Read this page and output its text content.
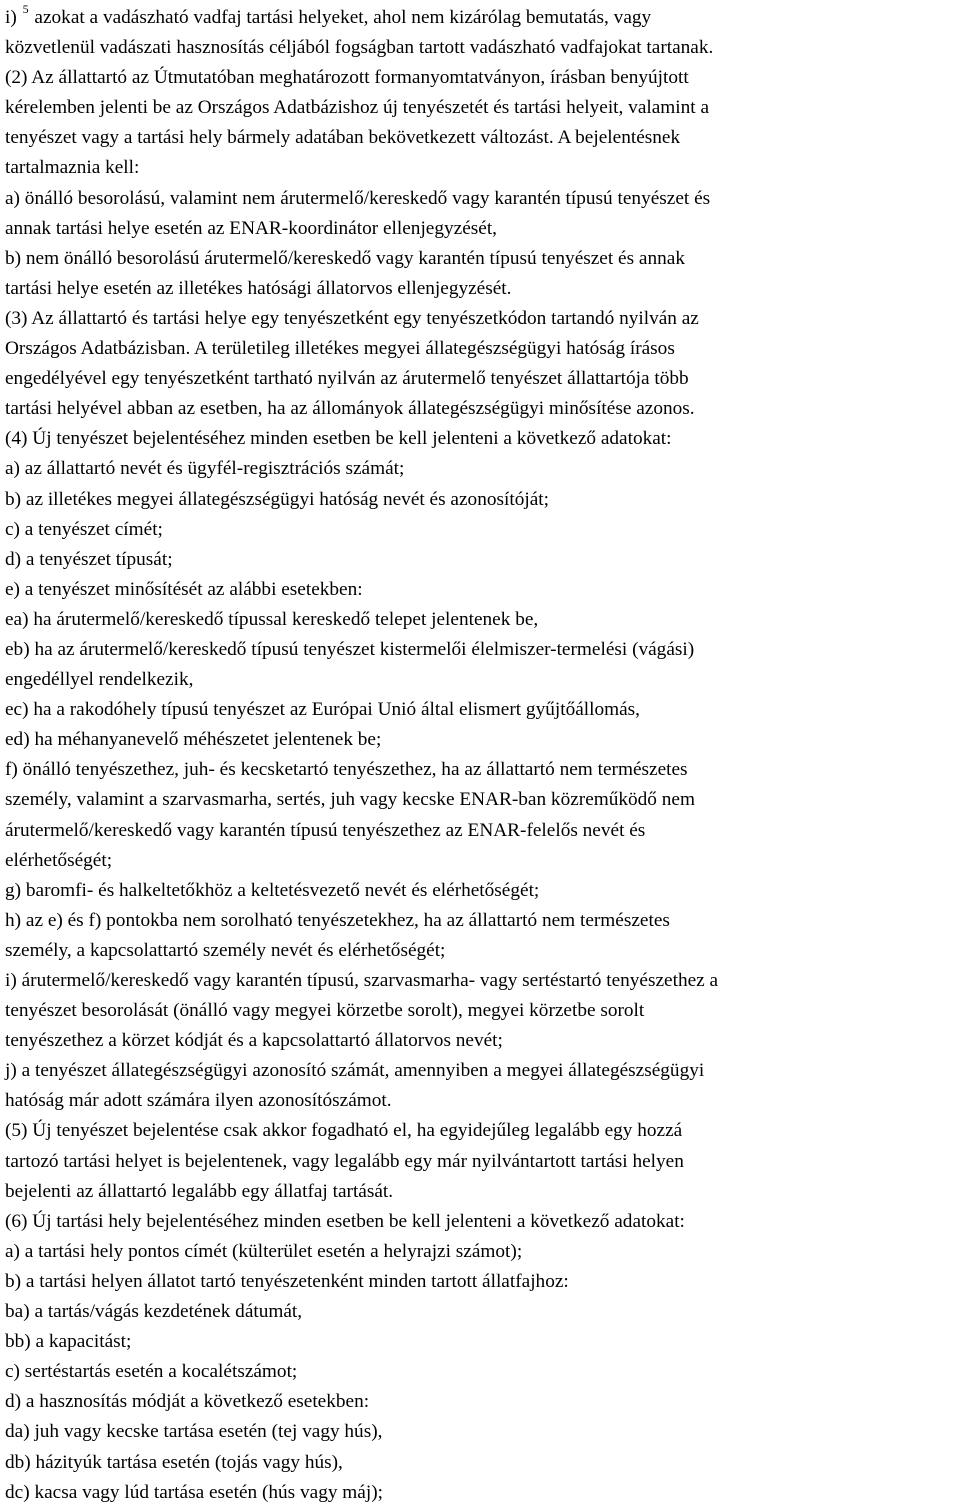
i) $^5$ azokat a vadászható vadfaj tartási helyeket, ahol nem kizárólag bemutatás, vagy
közvetlenül vadászati hasznosítás céljából fogságban tartott vadászható vadfajokat tartanak.
(2) Az állattartó az Útmutatóban meghatározott formanyomtatványon, írásban benyújtott
kérelemben jelenti be az Országos Adatbázishoz új tenyészetét és tartási helyeit, valamint a
tenyészet vagy a tartási hely bármely adatában bekövetkezett változást. A bejelentésnek
tartalmaznia kell:
a) önálló besorolású, valamint nem árutermelő/kereskedő vagy karantén típusú tenyészet és
annak tartási helye esetén az ENAR-koordinátor ellenjegyzését,
b) nem önálló besorolású árutermelő/kereskedő vagy karantén típusú tenyészet és annak
tartási helye esetén az illetékes hatósági állatorvos ellenjegyzését.
(3) Az állattartó és tartási helye egy tenyészetként egy tenyészetkódon tartandó nyilván az
Országos Adatbázisban. A területileg illetékes megyei állategészségügyi hatóság írásos
engedélyével egy tenyészetként tartható nyilván az árutermelő tenyészet állattartója több
tartási helyével abban az esetben, ha az állományok állategészségügyi minősítése azonos.
(4) Új tenyészet bejelentéséhez minden esetben be kell jelenteni a következő adatokat:
a) az állattartó nevét és ügyfél-regisztrációs számát;
b) az illetékes megyei állategészségügyi hatóság nevét és azonosítóját;
c) a tenyészet címét;
d) a tenyészet típusát;
e) a tenyészet minősítését az alábbi esetekben:
ea) ha árutermelő/kereskedő típussal kereskedő telepet jelentenek be,
eb) ha az árutermelő/kereskedő típusú tenyészet kistermelői élelmiszer-termelési (vágási)
engedéllyel rendelkezik,
ec) ha a rakodóhely típusú tenyészet az Európai Unió által elismert gyűjtőállomás,
ed) ha méhanyanevelő méhészetet jelentenek be;
f) önálló tenyészethez, juh- és kecsketartó tenyészethez, ha az állattartó nem természetes
személy, valamint a szarvasmarha, sertés, juh vagy kecske ENAR-ban közreműködő nem
árutermelő/kereskedő vagy karantén típusú tenyészethez az ENAR-felelős nevét és
elérhetőségét;
g) baromfi- és halkeltetőkhöz a keltetésvezető nevét és elérhetőségét;
h) az e) és f) pontokba nem sorolható tenyészetekhez, ha az állattartó nem természetes
személy, a kapcsolattartó személy nevét és elérhetőségét;
i) árutermelő/kereskedő vagy karantén típusú, szarvasmarha- vagy sertéstartó tenyészethez a
tenyészet besorolását (önálló vagy megyei körzetbe sorolt), megyei körzetbe sorolt
tenyészethez a körzet kódját és a kapcsolattartó állatorvos nevét;
j) a tenyészet állategészségügyi azonosító számát, amennyiben a megyei állategészségügyi
hatóság már adott számára ilyen azonosítószámot.
(5) Új tenyészet bejelentése csak akkor fogadható el, ha egyidejűleg legalább egy hozzá
tartozó tartási helyet is bejelentenek, vagy legalább egy már nyilvántartott tartási helyen
bejelenti az állattartó legalább egy állatfaj tartását.
(6) Új tartási hely bejelentéséhez minden esetben be kell jelenteni a következő adatokat:
a) a tartási hely pontos címét (külterület esetén a helyrajzi számot);
b) a tartási helyen állatot tartó tenyészetenként minden tartott állatfajhoz:
ba) a tartás/vágás kezdetének dátumát,
bb) a kapacitást;
c) sertéstartás esetén a kocalétszámot;
d) a hasznosítás módját a következő esetekben:
da) juh vagy kecske tartása esetén (tej vagy hús),
db) házityúk tartása esetén (tojás vagy hús),
dc) kacsa vagy lúd tartása esetén (hús vagy máj);
